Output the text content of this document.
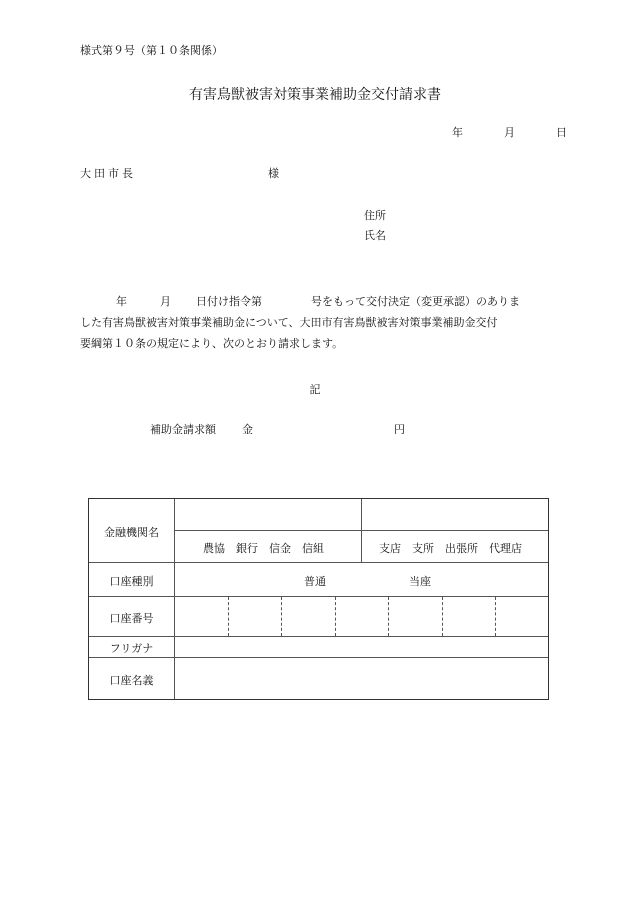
様式第９号（第１０条関係）
有害鳥獣被害対策事業補助金交付請求書
年	月	日
大田市長	様
住所
氏名
年	月 日付け指令第	号をもって交付決定（変更承認）のありま
した有害鳥獣被害対策事業補助金について、大田市有害鳥獣被害対策事業補助金交付
要綱第１０条の規定により、次のとおり請求します。
記
補助金請求額 金	円
金融機関名
農協　銀行　信金　信組	支店　支所　出張所　代理店
口座種別	普通	当座
口座番号
フリガナ
口座名義
